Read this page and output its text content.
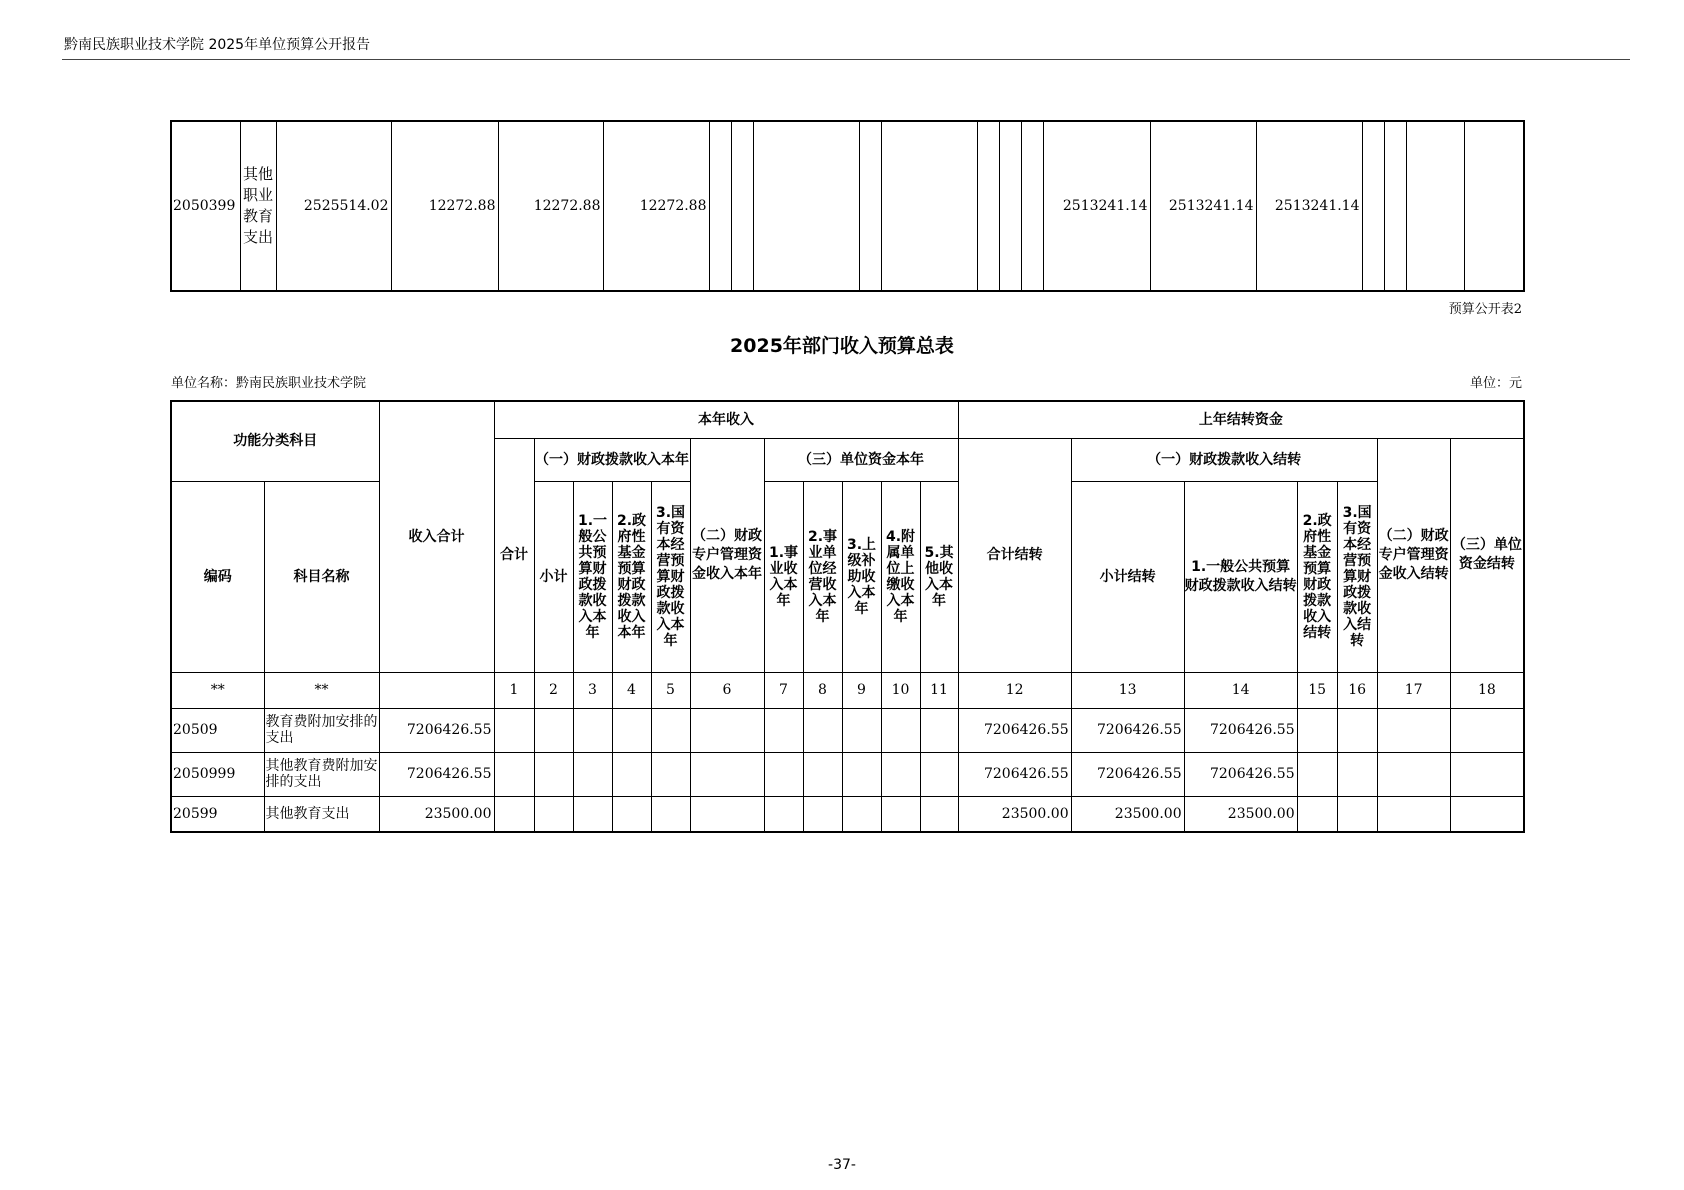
黔南民族职业技术学院 2025年单位预算公开报告
2050399	其他职业教育支出	2525514.02	12272.88	12272.88	12272.88									2513241.14	2513241.14	2513241.14				
预算公开表2
2025年部门收入预算总表
单位名称：黔南民族职业技术学院	单位：元
功能分类科目		收入合计	本年收入											上年结转资金						
			合计	（一）财政拨款收入本年				（二）财政专户管理资金收入本年	（三）单位资金本年					合计结转	（一）财政拨款收入结转				（二）财政专户管理资金收入结转	（三）单位资金结转
编码	科目名称			小计	1.一般公共预算财政拨款收入本年	2.政府性基金预算财政拨款收入本年	3.国有资本经营预算财政拨款收入本年		1.事业收入本年	2.事业单位经营收入本年	3.上级补助收入本年	4.附属单位上缴收入本年	5.其他收入本年		小计结转	1.一般公共预算财政拨款收入结转	2.政府性基金预算财政拨款收入结转	3.国有资本经营预算财政拨款收入结转		
**	**		1	2	3	4	5	6	7	8	9	10	11	12	13	14	15	16	17	18
20509	教育费附加安排的支出	7206426.55												7206426.55	7206426.55	7206426.55				
2050999	其他教育费附加安排的支出	7206426.55												7206426.55	7206426.55	7206426.55				
20599	其他教育支出	23500.00												23500.00	23500.00	23500.00				
-37-
